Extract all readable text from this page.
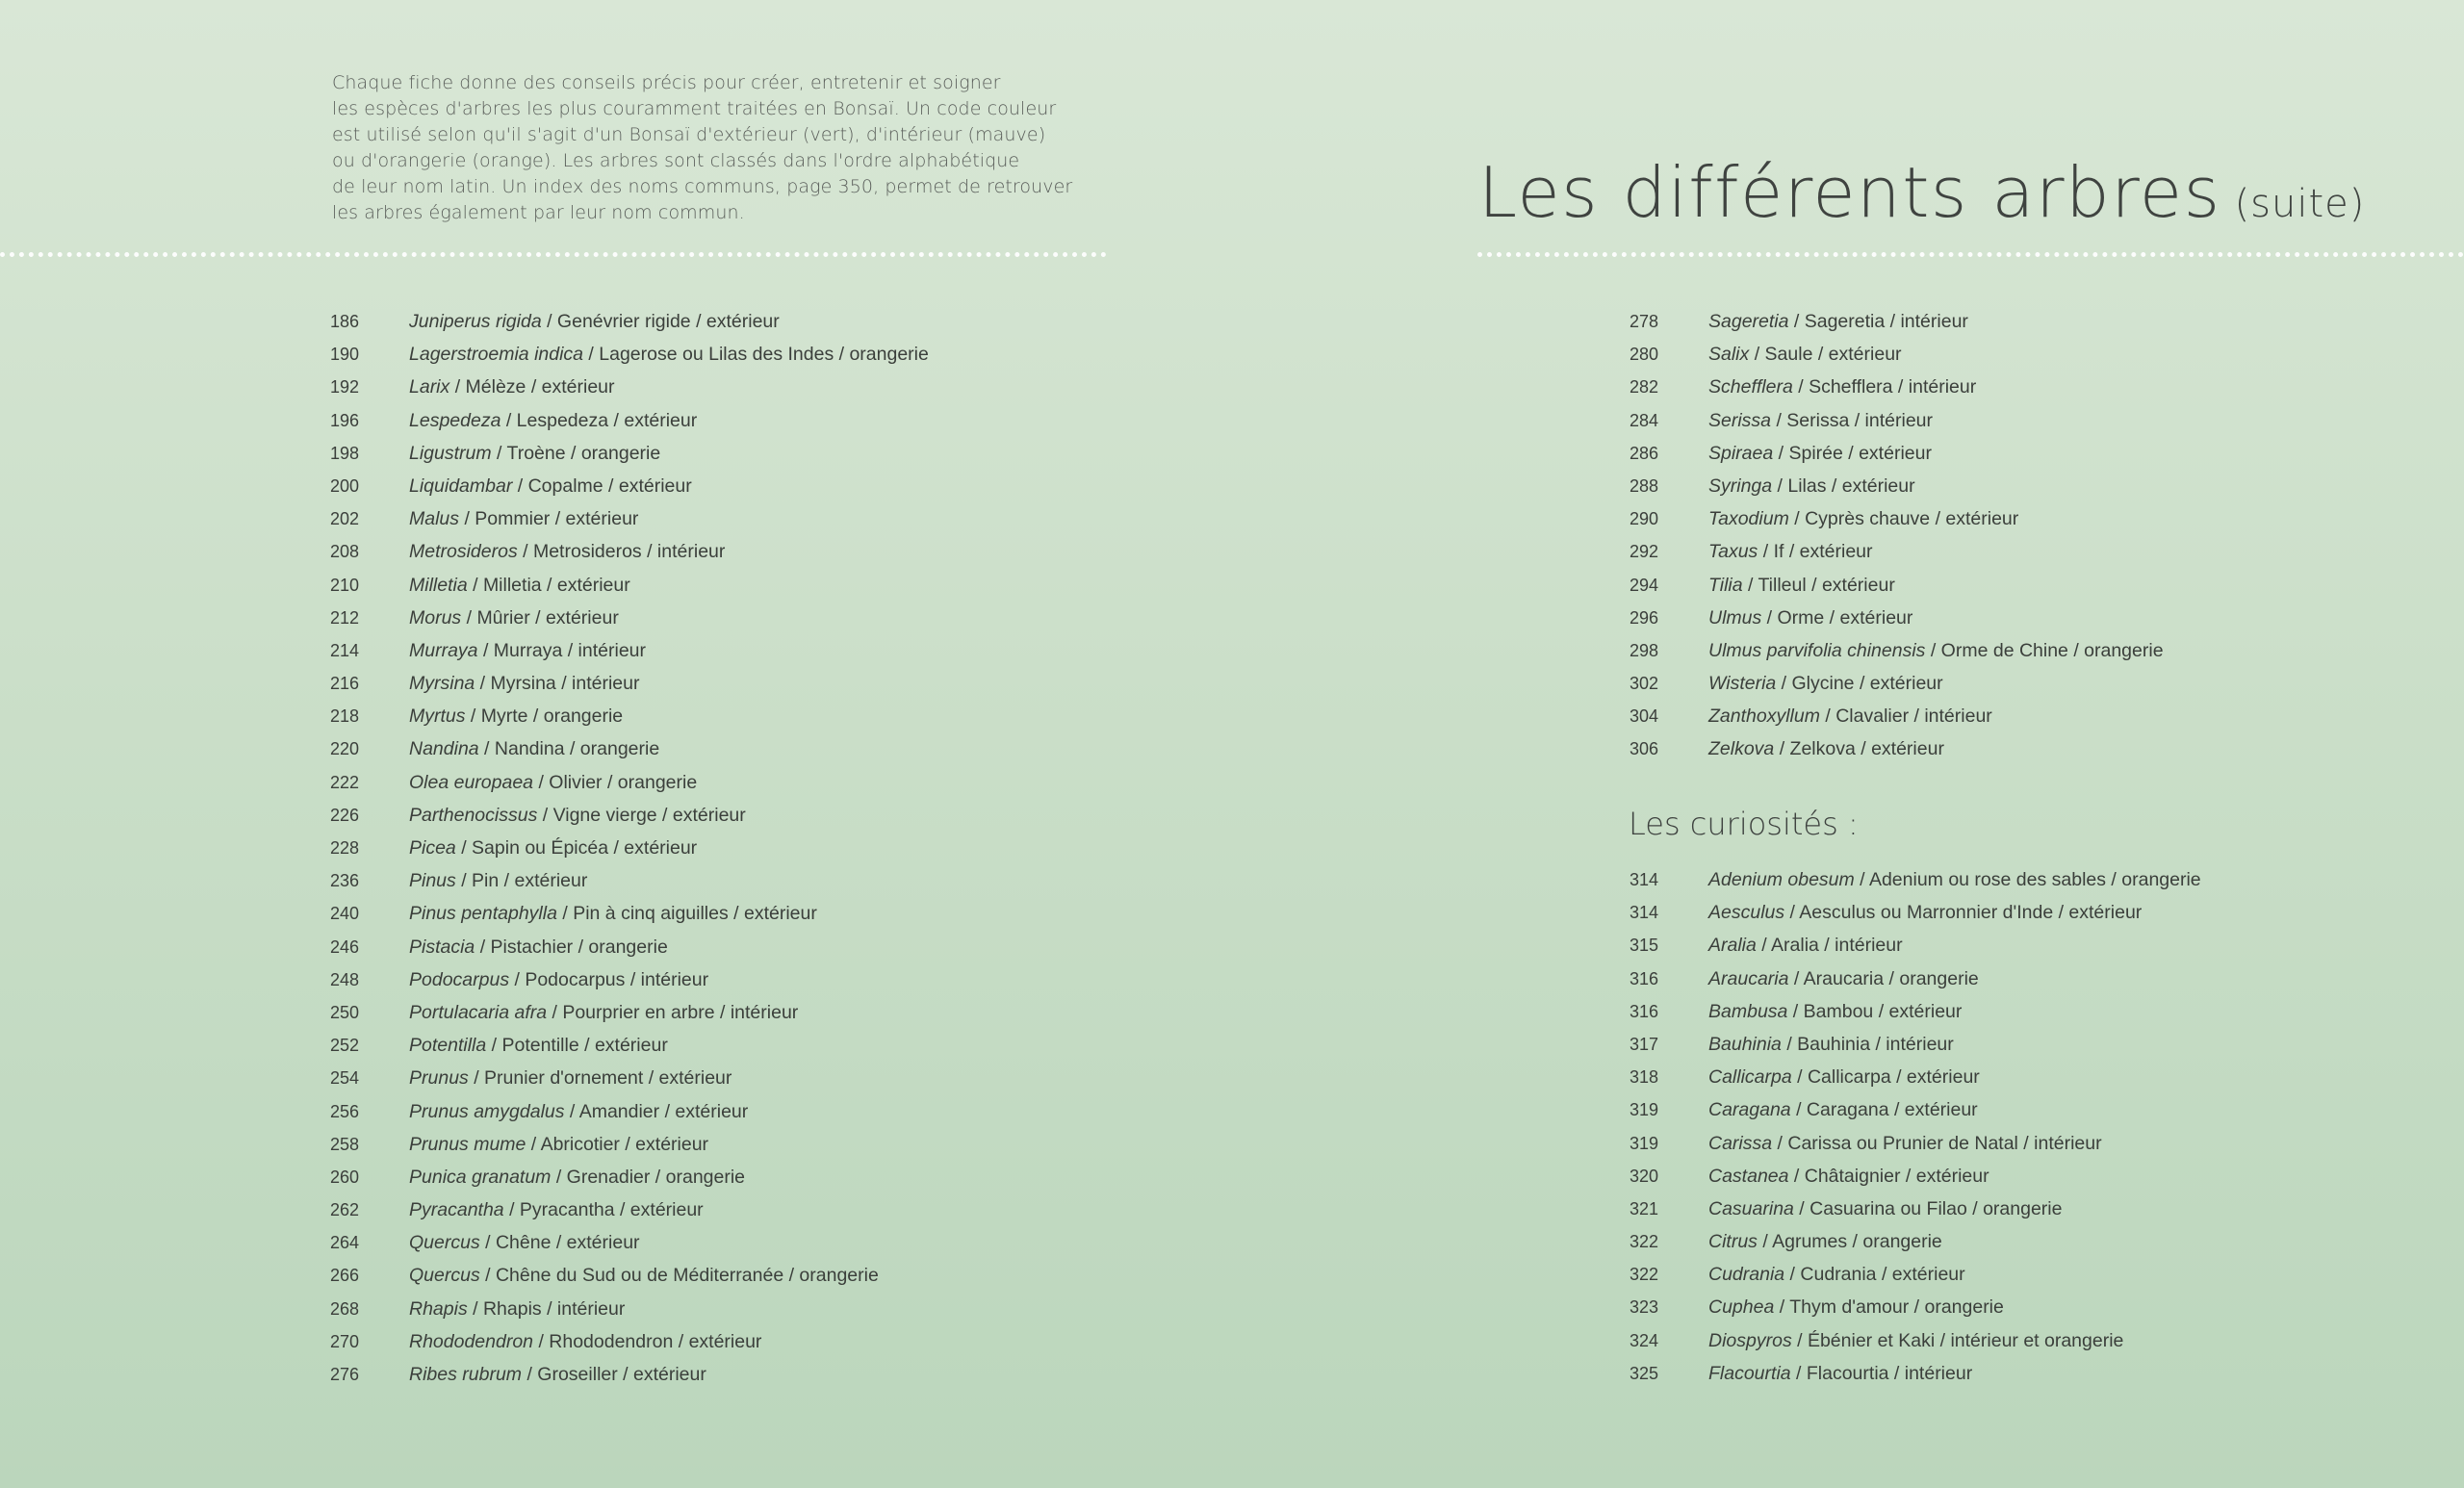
Chaque fiche donne des conseils précis pour créer, entretenir et soigner
les espèces d'arbres les plus couramment traitées en Bonsaï. Un code couleur
est utilisé selon qu'il s'agit d'un Bonsaï d'extérieur (vert), d'intérieur (mauve)
ou d'orangerie (orange). Les arbres sont classés dans l'ordre alphabétique
de leur nom latin. Un index des noms communs, page 350, permet de retrouver
les arbres également par leur nom commun.	Les différents arbres (suite)
186	Juniperus rigida / Genévrier rigide / extérieur
190	Lagerstroemia indica / Lagerose ou Lilas des Indes / orangerie
192	Larix / Mélèze / extérieur
196	Lespedeza / Lespedeza / extérieur
198	Ligustrum / Troène / orangerie
200	Liquidambar / Copalme / extérieur
202	Malus / Pommier / extérieur
208	Metrosideros / Metrosideros / intérieur
210	Milletia / Milletia / extérieur
212	Morus / Mûrier / extérieur
214	Murraya / Murraya / intérieur
216	Myrsina / Myrsina / intérieur
218	Myrtus / Myrte / orangerie
220	Nandina / Nandina / orangerie
222	Olea europaea / Olivier / orangerie
226	Parthenocissus / Vigne vierge / extérieur
228	Picea / Sapin ou Épicéa / extérieur
236	Pinus / Pin / extérieur
240	Pinus pentaphylla / Pin à cinq aiguilles / extérieur
246	Pistacia / Pistachier / orangerie
248	Podocarpus / Podocarpus / intérieur
250	Portulacaria afra / Pourprier en arbre / intérieur
252	Potentilla / Potentille / extérieur
254	Prunus / Prunier d'ornement / extérieur
256	Prunus amygdalus / Amandier / extérieur
258	Prunus mume / Abricotier / extérieur
260	Punica granatum / Grenadier / orangerie
262	Pyracantha / Pyracantha / extérieur
264	Quercus / Chêne / extérieur
266	Quercus / Chêne du Sud ou de Méditerranée / orangerie
268	Rhapis / Rhapis / intérieur
270	Rhododendron / Rhododendron / extérieur
276	Ribes rubrum / Groseiller / extérieur
278	Sageretia / Sageretia / intérieur
280	Salix / Saule / extérieur
282	Schefflera / Schefflera / intérieur
284	Serissa / Serissa / intérieur
286	Spiraea / Spirée / extérieur
288	Syringa / Lilas / extérieur
290	Taxodium / Cyprès chauve / extérieur
292	Taxus / If / extérieur
294	Tilia / Tilleul / extérieur
296	Ulmus / Orme / extérieur
298	Ulmus parvifolia chinensis / Orme de Chine / orangerie
302	Wisteria / Glycine / extérieur
304	Zanthoxyllum / Clavalier / intérieur
306	Zelkova / Zelkova / extérieur
Les curiosités :
314	Adenium obesum / Adenium ou rose des sables / orangerie
314	Aesculus / Aesculus ou Marronnier d'Inde / extérieur
315	Aralia / Aralia / intérieur
316	Araucaria / Araucaria / orangerie
316	Bambusa / Bambou / extérieur
317	Bauhinia / Bauhinia / intérieur
318	Callicarpa / Callicarpa / extérieur
319	Caragana / Caragana / extérieur
319	Carissa / Carissa ou Prunier de Natal / intérieur
320	Castanea / Châtaignier / extérieur
321	Casuarina / Casuarina ou Filao / orangerie
322	Citrus / Agrumes / orangerie
322	Cudrania / Cudrania / extérieur
323	Cuphea / Thym d'amour / orangerie
324	Diospyros / Ébénier et Kaki / intérieur et orangerie
325	Flacourtia / Flacourtia / intérieur
